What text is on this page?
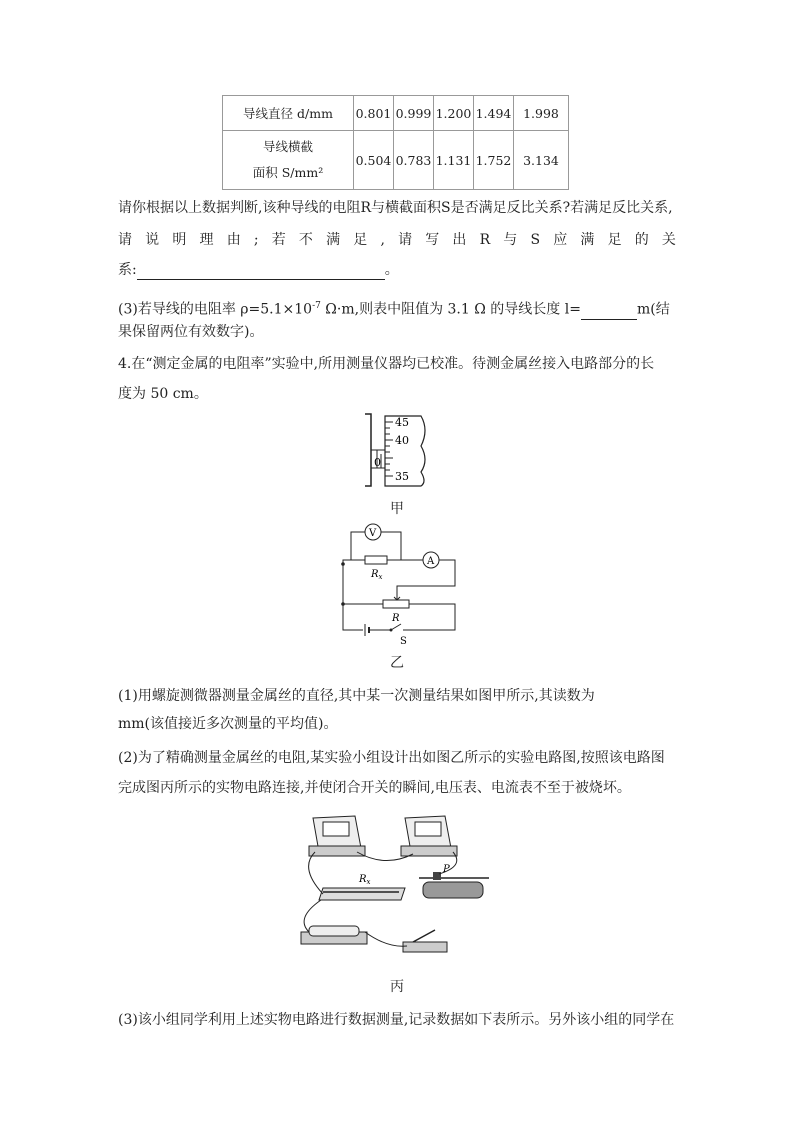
导线直径 d/mm	0.801	0.999	1.200	1.494	1.998

导线横截
面积 S/mm²	0.504	0.783	1.131	1.752	3.134
请你根据以上数据判断,该种导线的电阻R与横截面积S是否满足反比关系?若满足反比关系,
请 说 明 理 由 ; 若 不 满 足 , 请 写 出 R 与 S 应 满 足 的 关
系:	。
(3)若导线的电阻率 $\rho=5.1\times 10^{-7}$ Ω·m,则表中阻值为 3.1 Ω 的导线长度 l=	m(结
果保留两位有效数字)。
4.在“测定金属的电阻率”实验中,所用测量仪器均已校准。待测金属丝接入电路部分的长
度为 50 cm。
45
40
35
0
甲
V
A
$R_x$
R
S
乙
(1)用螺旋测微器测量金属丝的直径,其中某一次测量结果如图甲所示,其读数为
mm(该值接近多次测量的平均值)。
(2)为了精确测量金属丝的电阻,某实验小组设计出如图乙所示的实验电路图,按照该电路图
完成图丙所示的实物电路连接,并使闭合开关的瞬间,电压表、电流表不至于被烧坏。
$R_x$
P
丙
(3)该小组同学利用上述实物电路进行数据测量,记录数据如下表所示。另外该小组的同学在
